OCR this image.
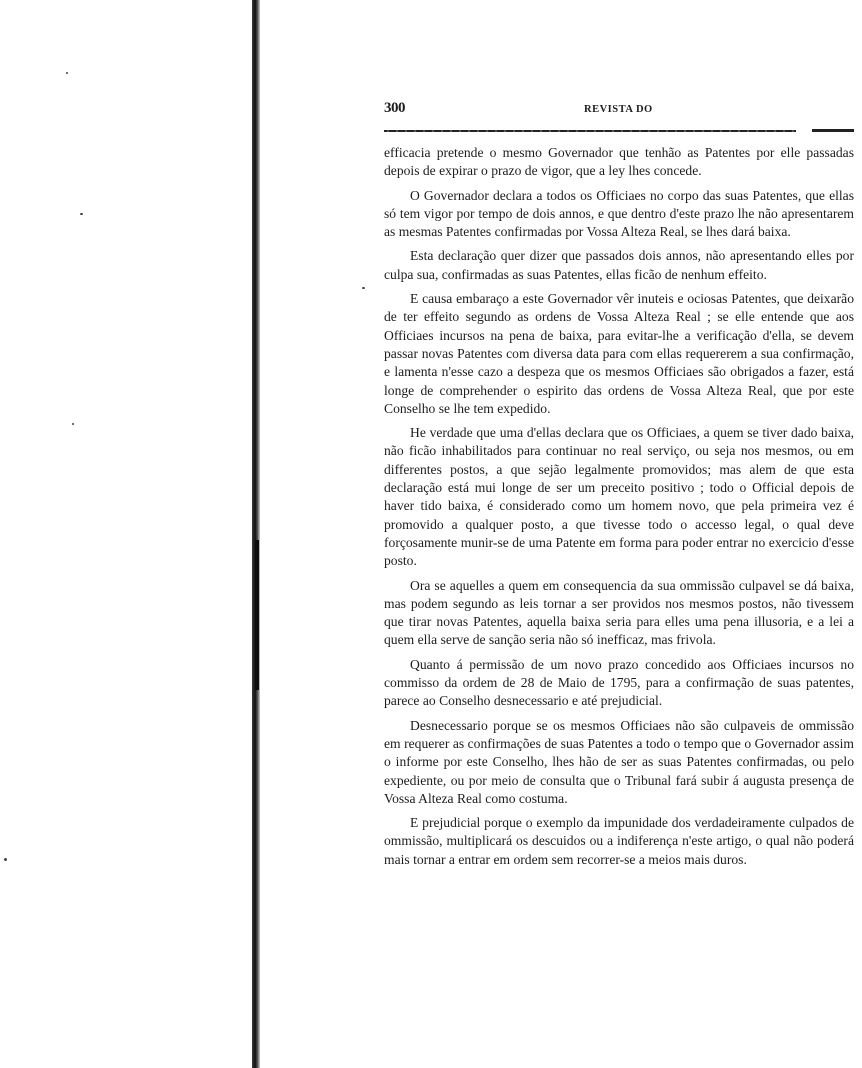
300	REVISTA DO

efficacia pretende o mesmo Governador que tenhão as Patentes por elle passadas depois de expirar o prazo de vigor, que a ley lhes concede.

O Governador declara a todos os Officiaes no corpo das suas Patentes, que ellas só tem vigor por tempo de dois annos, e que dentro d'este prazo lhe não apresentarem as mesmas Patentes confirmadas por Vossa Alteza Real, se lhes dará baixa.

Esta declaração quer dizer que passados dois annos, não apresentando elles por culpa sua, confirmadas as suas Patentes, ellas ficão de nenhum effeito.

E causa embaraço a este Governador vêr inuteis e ociosas Patentes, que deixarão de ter effeito segundo as ordens de Vossa Alteza Real ; se elle entende que aos Officiaes incursos na pena de baixa, para evitar-lhe a verificação d'ella, se devem passar novas Patentes com diversa data para com ellas requererem a sua confirmação, e lamenta n'esse cazo a despeza que os mesmos Officiaes são obrigados a fazer, está longe de comprehender o espirito das ordens de Vossa Alteza Real, que por este Conselho se lhe tem expedido.

He verdade que uma d'ellas declara que os Officiaes, a quem se tiver dado baixa, não ficão inhabilitados para continuar no real serviço, ou seja nos mesmos, ou em differentes postos, a que sejão legalmente promovidos; mas alem de que esta declaração está mui longe de ser um preceito positivo ; todo o Official depois de haver tido baixa, é considerado como um homem novo, que pela primeira vez é promovido a qualquer posto, a que tivesse todo o accesso legal, o qual deve forçosamente munir-se de uma Patente em forma para poder entrar no exercicio d'esse posto.

Ora se aquelles a quem em consequencia da sua ommissão culpavel se dá baixa, mas podem segundo as leis tornar a ser providos nos mesmos postos, não tivessem que tirar novas Patentes, aquella baixa seria para elles uma pena illusoria, e a lei a quem ella serve de sanção seria não só inefficaz, mas frivola.

Quanto á permissão de um novo prazo concedido aos Officiaes incursos no commisso da ordem de 28 de Maio de 1795, para a confirmação de suas patentes, parece ao Conselho desnecessario e até prejudicial.

Desnecessario porque se os mesmos Officiaes não são culpaveis de ommissão em requerer as confirmações de suas Patentes a todo o tempo que o Governador assim o informe por este Conselho, lhes hão de ser as suas Patentes confirmadas, ou pelo expediente, ou por meio de consulta que o Tribunal fará subir á augusta presença de Vossa Alteza Real como costuma.

E prejudicial porque o exemplo da impunidade dos verdadeiramente culpados de ommissão, multiplicará os descuidos ou a indiferença n'este artigo, o qual não poderá mais tornar a entrar em ordem sem recorrer-se a meios mais duros.
